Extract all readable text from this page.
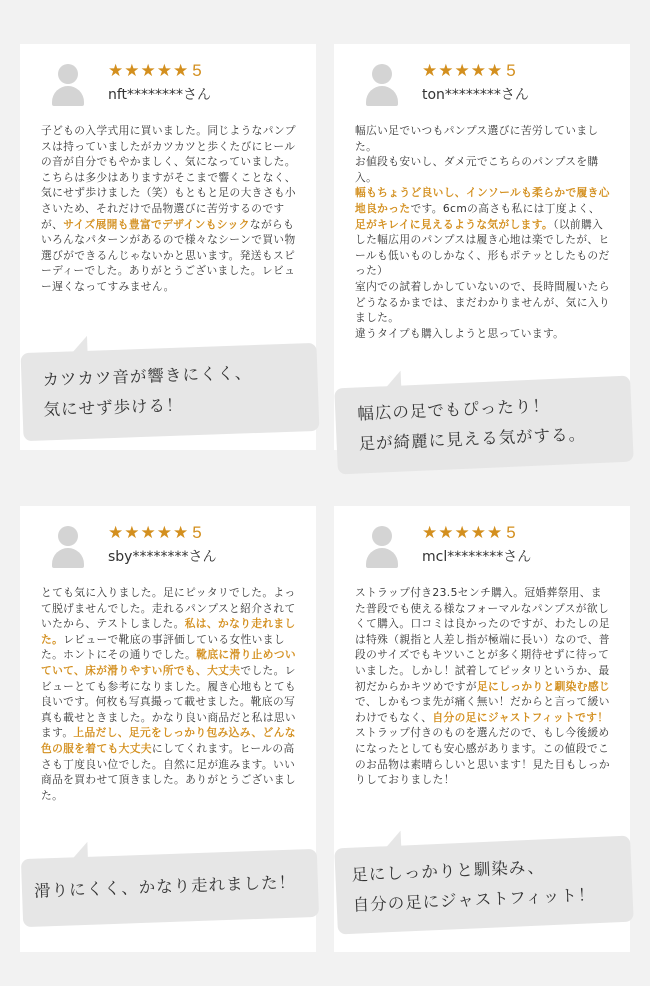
★★★★★ 5
nft********さん

子どもの入学式用に買いました。同じようなパンプスは持っていましたがカツカツと歩くたびにヒールの音が自分でもやかましく、気になっていました。こちらは多少はありますがそこまで響くことなく、気にせず歩けました（笑）もともと足の大きさも小さいため、それだけで品物選びに苦労するのですが、サイズ展開も豊富でデザインもシックながらもいろんなパターンがあるので様々なシーンで買い物選びができるんじゃないかと思います。発送もスピーディーでした。ありがとうございました。レビュー遅くなってすみません。

★★★★★ 5
ton********さん

幅広い足でいつもパンプス選びに苦労していました。

お値段も安いし、ダメ元でこちらのパンプスを購入。

幅もちょうど良いし、インソールも柔らかで履き心地良かったです。6cmの高さも私には丁度よく、足がキレイに見えるような気がします。（以前購入した幅広用のパンプスは履き心地は楽でしたが、ヒールも低いものしかなく、形もポテッとしたものだった）

室内での試着しかしていないので、長時間履いたらどうなるかまでは、まだわかりませんが、気に入りました。

違うタイプも購入しようと思っています。

★★★★★ 5
sby********さん

とても気に入りました。足にピッタリでした。よって脱げませんでした。走れるパンプスと紹介されていたから、テストしました。私は、かなり走れました。レビューで靴底の事評価している女性いました。ホントにその通りでした。靴底に滑り止めついていて、床が滑りやすい所でも、大丈夫でした。レビューとても参考になりました。履き心地もとても良いです。何枚も写真撮って載せました。靴底の写真も載せときました。かなり良い商品だと私は思います。上品だし、足元をしっかり包み込み、どんな色の服を着ても大丈夫にしてくれます。ヒールの高さも丁度良い位でした。自然に足が進みます。いい商品を買わせて頂きました。ありがとうございました。

★★★★★ 5
mcl********さん

ストラップ付き23.5センチ購入。冠婚葬祭用、また普段でも使える様なフォーマルなパンプスが欲しくて購入。口コミは良かったのですが、わたしの足は特殊（親指と人差し指が極端に長い）なので、普段のサイズでもキツいことが多く期待せずに待っていました。しかし！試着してピッタリというか、最初だからかキツめですが足にしっかりと馴染む感じで、しかもつま先が痛く無い！だからと言って緩いわけでもなく、自分の足にジャストフィットです！ストラップ付きのものを選んだので、もし今後緩めになったとしても安心感があります。この値段でこのお品物は素晴らしいと思います！見た目もしっかりしておりました！

カツカツ音が響きにくく、
気にせず歩ける！	幅広の足でもぴったり！
足が綺麗に見える気がする。
滑りにくく、かなり走れました！
足にしっかりと馴染み、
自分の足にジャストフィット！
